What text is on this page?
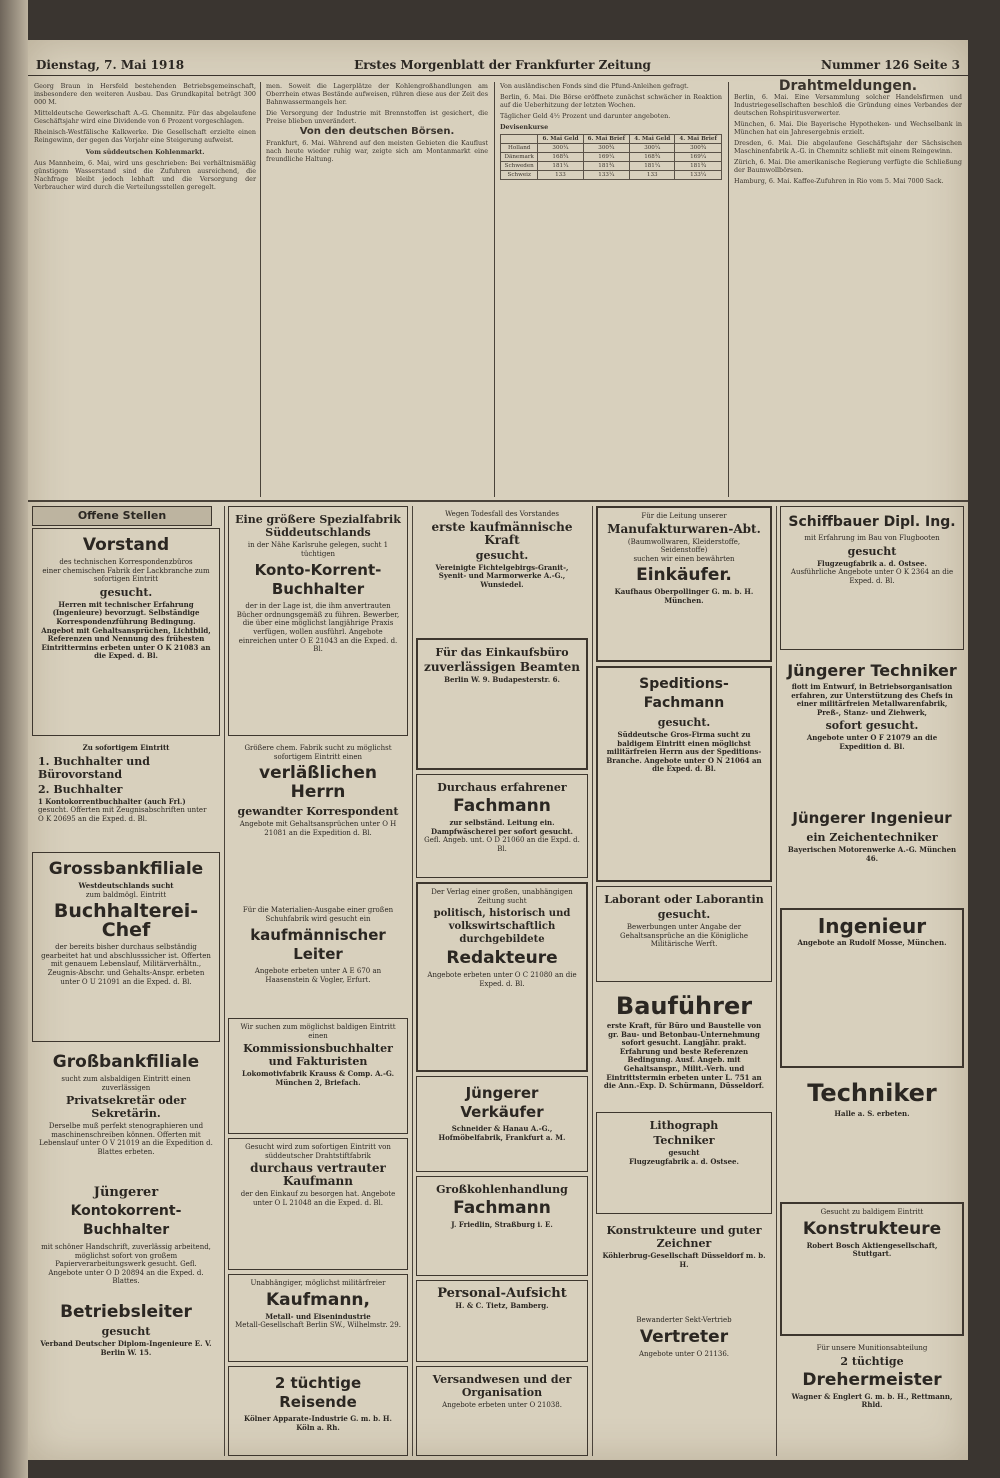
Dienstag, 7. Mai 1918	Erstes Morgenblatt der Frankfurter Zeitung	Nummer 126 Seite 3

Georg Braun in Hersfeld bestehenden Betriebsgemeinschaft, insbesondere den weiteren Ausbau. Das Grundkapital beträgt 300 000 M.

Mitteldeutsche Gewerkschaft A.-G. Chemnitz. Für das abgelaufene Geschäftsjahr wird eine Dividende von 6 Prozent vorgeschlagen.

Rheinisch-Westfälische Kalkwerke. Die Gesellschaft erzielte einen Reingewinn, der gegen das Vorjahr eine Steigerung aufweist.

Vom süddeutschen Kohlenmarkt.

Aus Mannheim, 6. Mai, wird uns geschrieben: Bei verhältnismäßig günstigem Wasserstand sind die Zufuhren ausreichend, die Nachfrage bleibt jedoch lebhaft und die Versorgung der Verbraucher wird durch die Verteilungsstellen geregelt.

men. Soweit die Lagerplätze der Kohlengroßhandlungen am Oberrhein etwas Bestände aufweisen, rühren diese aus der Zeit des Bahnwassermangels her.

Die Versorgung der Industrie mit Brennstoffen ist gesichert, die Preise blieben unverändert.

Von den deutschen Börsen.

Frankfurt, 6. Mai. Während auf den meisten Gebieten die Kauflust nach heute wieder ruhig war, zeigte sich am Montanmarkt eine freundliche Haltung.

Von ausländischen Fonds sind die Pfund-Anleihen gefragt.

Berlin, 6. Mai. Die Börse eröffnete zunächst schwächer in Reaktion auf die Ueberhitzung der letzten Wochen.

Täglicher Geld 4½ Prozent und darunter angeboten.

Devisenkurse

	6. Mai Geld	6. Mai Brief	4. Mai Geld	4. Mai Brief
Holland	300¼	300¾	300¼	300¾
Dänemark	168¾	169¼	168¾	169¼
Schweden	181¼	181¾	181¼	181¾
Schweiz	133	133¼	133	133¼

Drahtmeldungen.

Berlin, 6. Mai. Eine Versammlung solcher Handelsfirmen und Industriegesellschaften beschloß die Gründung eines Verbandes der deutschen Rohspiritusverwerter.

München, 6. Mai. Die Bayerische Hypotheken- und Wechselbank in München hat ein Jahresergebnis erzielt.

Dresden, 6. Mai. Die abgelaufene Geschäftsjahr der Sächsischen Maschinenfabrik A.-G. in Chemnitz schließt mit einem Reingewinn.

Zürich, 6. Mai. Die amerikanische Regierung verfügte die Schließung der Baumwollbörsen.

Hamburg, 6. Mai. Kaffee-Zufuhren in Rio vom 5. Mai 7000 Sack.

Offene Stellen
Vorstand
des technischen Korrespondenzbüros
einer chemischen Fabrik der Lackbranche zum sofortigen Eintritt
gesucht.
Herren mit technischer Erfahrung (Ingenieure) bevorzugt. Selbständige Korrespondenzführung Bedingung. Angebot mit Gehaltsansprüchen, Lichtbild, Referenzen und Nennung des frühesten Eintrittermins erbeten unter O K 21083 an die Exped. d. Bl.
Zu sofortigem Eintritt
1. Buchhalter und Bürovorstand
2. Buchhalter
1 Kontokorrentbuchhalter (auch Frl.)
gesucht. Offerten mit Zeugnisabschriften unter O K 20695 an die Exped. d. Bl.
Grossbankfiliale
Westdeutschlands sucht
zum baldmögl. Eintritt
Buchhalterei-Chef
der bereits bisher durchaus selbständig gearbeitet hat und abschlusssicher ist. Offerten mit genauem Lebenslauf, Militärverhältn., Zeugnis-Abschr. und Gehalts-Anspr. erbeten unter O U 21091 an die Exped. d. Bl.
Großbankfiliale
sucht zum alsbaldigen Eintritt einen zuverlässigen
Privatsekretär oder Sekretärin.
Derselbe muß perfekt stenographieren und maschinenschreiben können. Offerten mit Lebenslauf unter O V 21019 an die Expedition d. Blattes erbeten.
Jüngerer
Kontokorrent-Buchhalter
mit schöner Handschrift, zuverlässig arbeitend, möglichst sofort von großem Papierverarbeitungswerk gesucht. Gefl. Angebote unter O D 20894 an die Exped. d. Blattes.
Betriebsleiter
gesucht
Verband Deutscher Diplom-Ingenieure E. V. Berlin W. 15.
Eine größere Spezialfabrik Süddeutschlands
in der Nähe Karlsruhe gelegen, sucht 1 tüchtigen
Konto-Korrent-Buchhalter
der in der Lage ist, die ihm anvertrauten Bücher ordnungsgemäß zu führen. Bewerber, die über eine möglichst langjährige Praxis verfügen, wollen ausführl. Angebote einreichen unter O E 21043 an die Exped. d. Bl.
Größere chem. Fabrik sucht zu möglichst sofortigem Eintritt einen
verläßlichen Herrn
gewandter Korrespondent
Angebote mit Gehaltsansprüchen unter O H 21081 an die Expedition d. Bl.
Für die Materialien-Ausgabe einer großen Schuhfabrik wird gesucht ein
kaufmännischer Leiter
Angebote erbeten unter A E 670 an Haasenstein & Vogler, Erfurt.
Wir suchen zum möglichst baldigen Eintritt einen
Kommissionsbuchhalter und Fakturisten
Lokomotivfabrik Krauss & Comp. A.-G. München 2, Briefach.
Gesucht wird zum sofortigen Eintritt von süddeutscher Drahtstiftfabrik
durchaus vertrauter Kaufmann
der den Einkauf zu besorgen hat. Angebote unter O L 21048 an die Exped. d. Bl.
Unabhängiger, möglichst militärfreier
Kaufmann,
Metall- und Eisenindustrie
Metall-Gesellschaft Berlin SW., Wilhelmstr. 29.
2 tüchtige Reisende
Kölner Apparate-Industrie G. m. b. H. Köln a. Rh.
Wegen Todesfall des Vorstandes
erste kaufmännische Kraft
gesucht.
Vereinigte Fichtelgebirgs-Granit-, Syenit- und Marmorwerke A.-G., Wunsiedel.
Für das Einkaufsbüro
zuverlässigen Beamten
Berlin W. 9. Budapesterstr. 6.
Durchaus erfahrener
Fachmann
zur selbständ. Leitung ein. Dampfwäscherei per sofort gesucht.
Gefl. Angeb. unt. O D 21060 an die Expd. d. Bl.
Der Verlag einer großen, unabhängigen Zeitung sucht
politisch, historisch und volkswirtschaftlich durchgebildete
Redakteure
Angebote erbeten unter O C 21080 an die Exped. d. Bl.
Jüngerer Verkäufer
Schneider & Hanau A.-G., Hofmöbelfabrik, Frankfurt a. M.
Großkohlenhandlung
Fachmann
J. Friedlin, Straßburg i. E.
Personal-Aufsicht
H. & C. Tietz, Bamberg.
Versandwesen und der Organisation
Angebote erbeten unter O 21038.
Für die Leitung unserer
Manufakturwaren-Abt.
(Baumwollwaren, Kleiderstoffe, Seidenstoffe)
suchen wir einen bewährten
Einkäufer.
Kaufhaus Oberpollinger G. m. b. H. München.
Speditions-Fachmann
gesucht.
Süddeutsche Gros-Firma sucht zu baldigem Eintritt einen möglichst militärfreien Herrn aus der Speditions-Branche. Angebote unter O N 21064 an die Exped. d. Bl.
Laborant oder Laborantin
gesucht.
Bewerbungen unter Angabe der Gehaltsansprüche an die Königliche Militärische Werft.
Bauführer
erste Kraft, für Büro und Baustelle von gr. Bau- und Betonbau-Unternehmung sofort gesucht. Langjähr. prakt. Erfahrung und beste Referenzen Bedingung. Ausf. Angeb. mit Gehaltsanspr., Milit.-Verh. und Eintrittstermin erbeten unter L. 751 an die Ann.-Exp. D. Schürmann, Düsseldorf.
Lithograph
Techniker
gesucht
Flugzeugfabrik a. d. Ostsee.
Konstrukteure und guter Zeichner
Köhlerbrug-Gesellschaft Düsseldorf m. b. H.
Bewanderter Sekt-Vertrieb
Vertreter
Angebote unter O 21136.
Schiffbauer Dipl. Ing.
mit Erfahrung im Bau von Flugbooten
gesucht
Flugzeugfabrik a. d. Ostsee.
Ausführliche Angebote unter O K 2364 an die Exped. d. Bl.
Jüngerer Techniker
flott im Entwurf, in Betriebsorganisation erfahren, zur Unterstützung des Chefs in einer militärfreien Metallwarenfabrik, Preß-, Stanz- und Ziehwerk,
sofort gesucht.
Angebote unter O F 21079 an die Expedition d. Bl.
Jüngerer Ingenieur
ein Zeichentechniker
Bayerischen Motorenwerke A.-G. München 46.
Ingenieur
Angebote an Rudolf Mosse, München.
Techniker
Halle a. S. erbeten.
Gesucht zu baldigem Eintritt
Konstrukteure
Robert Bosch Aktiengesellschaft, Stuttgart.
Für unsere Munitionsabteilung
2 tüchtige
Drehermeister
Wagner & Englert G. m. b. H., Rettmann, Rhld.
